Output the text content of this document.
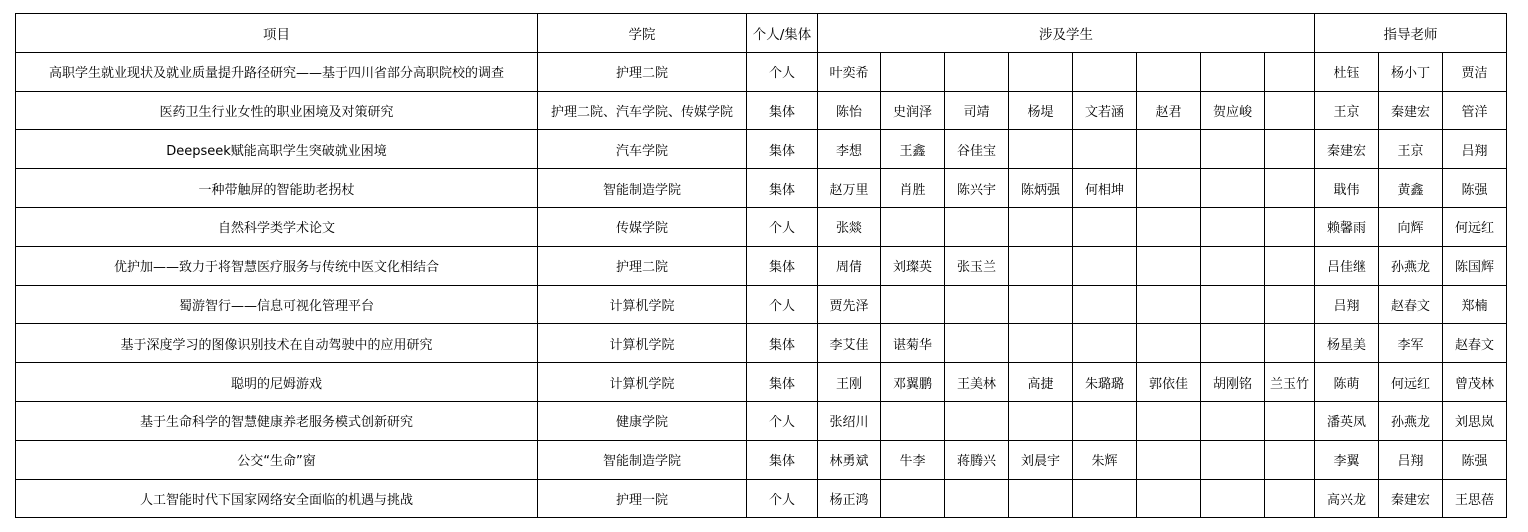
项目	学院	个人/集体	涉及学生								指导老师		
高职学生就业现状及就业质量提升路径研究——基于四川省部分高职院校的调查	护理二院	个人	叶奕希								杜钰	杨小丁	贾洁
医药卫生行业女性的职业困境及对策研究	护理二院、汽车学院、传媒学院	集体	陈怡	史润泽	司靖	杨堤	文若涵	赵君	贺应峻		王京	秦建宏	管洋
Deepseek赋能高职学生突破就业困境	汽车学院	集体	李想	王鑫	谷佳宝						秦建宏	王京	吕翔
一种带触屏的智能助老拐杖	智能制造学院	集体	赵万里	肖胜	陈兴宇	陈炳强	何相坤				戢伟	黄鑫	陈强
自然科学类学术论文	传媒学院	个人	张燚								赖馨雨	向辉	何远红
优护加——致力于将智慧医疗服务与传统中医文化相结合	护理二院	集体	周倩	刘璨英	张玉兰						吕佳继	孙燕龙	陈国辉
蜀游智行——信息可视化管理平台	计算机学院	个人	贾先泽								吕翔	赵春文	郑楠
基于深度学习的图像识别技术在自动驾驶中的应用研究	计算机学院	集体	李艾佳	谌菊华							杨星美	李军	赵春文
聪明的尼姆游戏	计算机学院	集体	王刚	邓翼鹏	王美林	高捷	朱璐璐	郭依佳	胡刚铭	兰玉竹	陈萌	何远红	曾茂林
基于生命科学的智慧健康养老服务模式创新研究	健康学院	个人	张绍川								潘英凤	孙燕龙	刘思岚
公交“生命”窗	智能制造学院	集体	林勇斌	牛李	蒋腾兴	刘晨宇	朱辉				李翼	吕翔	陈强
人工智能时代下国家网络安全面临的机遇与挑战	护理一院	个人	杨正鸿								高兴龙	秦建宏	王思蓓
